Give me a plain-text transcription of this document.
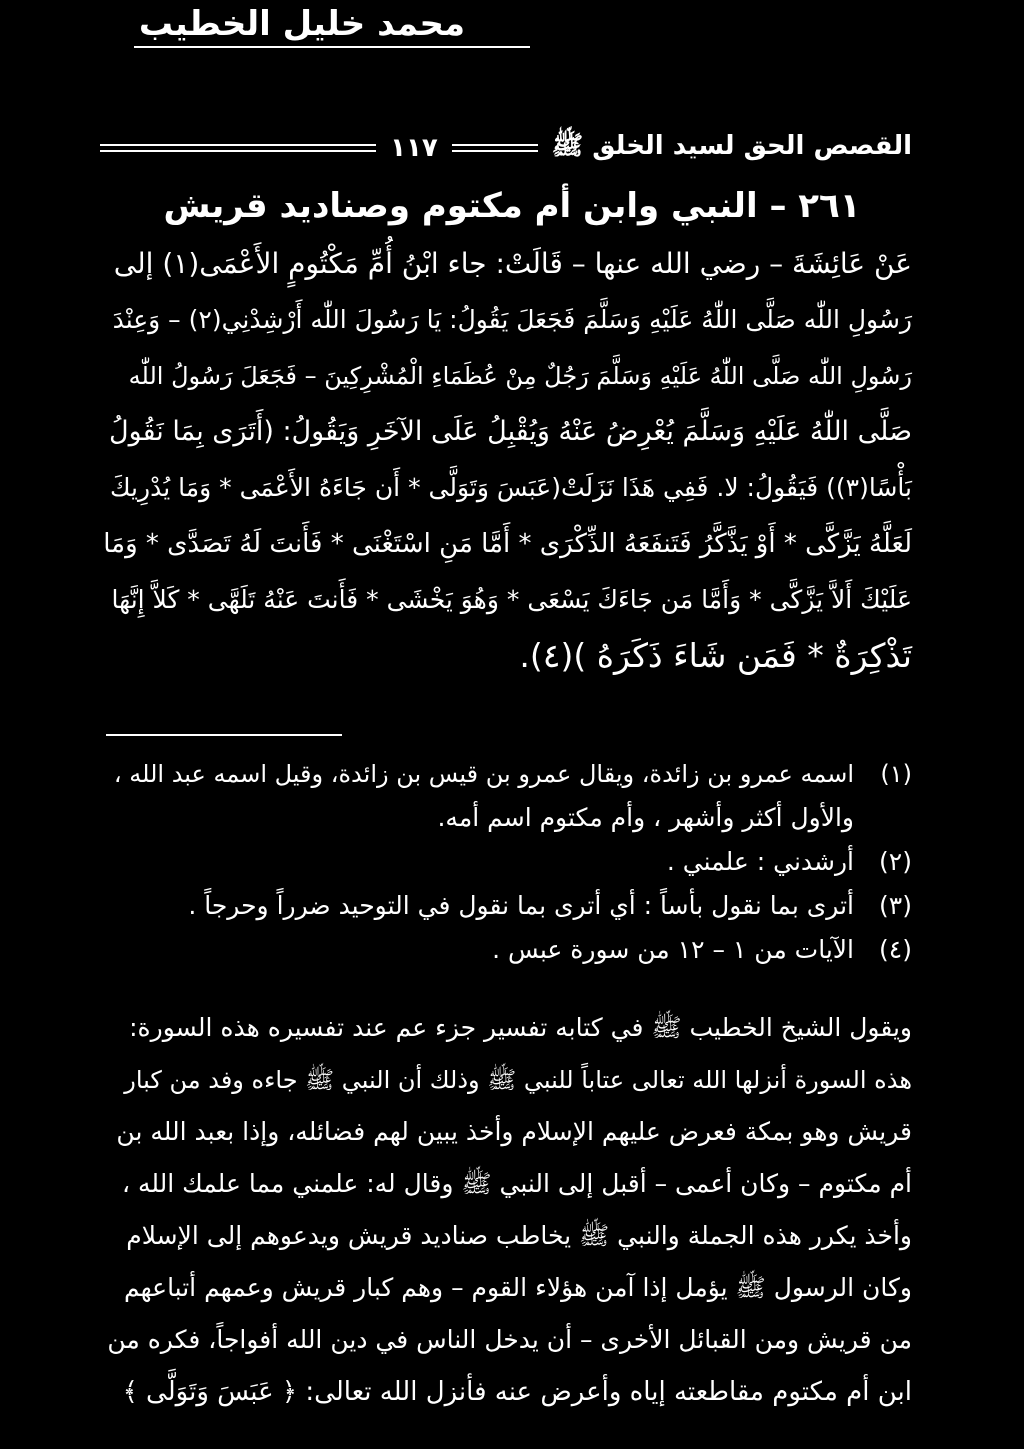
محمد خليل الخطيب
القصص الحق لسيد الخلق ﷺ
١١٧
٢٦١ – النبي وابن أم مكتوم وصناديد قريش
عَنْ عَائِشَةَ – رضي الله عنها – قَالَتْ: جاء ابْنُ أُمِّ مَكْتُومٍ الأَعْمَى(١) إلى
رَسُولِ اللّٰه صَلَّى اللّٰهُ عَلَيْهِ وَسَلَّمَ فَجَعَلَ يَقُولُ: يَا رَسُولَ اللّٰه أَرْشِدْنِي(٢) – وَعِنْدَ
رَسُولِ اللّٰه صَلَّى اللّٰهُ عَلَيْهِ وَسَلَّمَ رَجُلٌ مِنْ عُظَمَاءِ الْمُشْرِكِينَ – فَجَعَلَ رَسُولُ اللّٰه
صَلَّى اللّٰهُ عَلَيْهِ وَسَلَّمَ يُعْرِضُ عَنْهُ وَيُقْبِلُ عَلَى الآخَرِ وَيَقُولُ: (أَتَرَى بِمَا نَقُولُ
بَأْسًا(٣)) فَيَقُولُ: لا. فَفِي هَذَا نَزَلَتْ(عَبَسَ وَتَوَلَّى * أَن جَاءَهُ الأَعْمَى * وَمَا يُدْرِيكَ
لَعَلَّهُ يَزَّكَّى * أَوْ يَذَّكَّرُ فَتَنفَعَهُ الذِّكْرَى * أَمَّا مَنِ اسْتَغْنَى * فَأَنتَ لَهُ تَصَدَّى * وَمَا
عَلَيْكَ أَلاَّ يَزَّكَّى * وَأَمَّا مَن جَاءَكَ يَسْعَى * وَهُوَ يَخْشَى * فَأَنتَ عَنْهُ تَلَهَّى * كَلاَّ إِنَّهَا
تَذْكِرَةٌ * فَمَن شَاءَ ذَكَرَهُ )(٤).
(١)
اسمه عمرو بن زائدة، ويقال عمرو بن قيس بن زائدة، وقيل اسمه عبد الله ،
والأول أكثر وأشهر ، وأم مكتوم اسم أمه.
(٢)
أرشدني : علمني .
(٣)
أترى بما نقول بأساً : أي أترى بما نقول في التوحيد ضرراً وحرجاً .
(٤)
الآيات من ١ – ١٢ من سورة عبس .
ويقول الشيخ الخطيب ﷺ في كتابه تفسير جزء عم عند تفسيره هذه السورة:
هذه السورة أنزلها الله تعالى عتاباً للنبي ﷺ وذلك أن النبي ﷺ جاءه وفد من كبار
قريش وهو بمكة فعرض عليهم الإسلام وأخذ يبين لهم فضائله، وإذا بعبد الله بن
أم مكتوم – وكان أعمى – أقبل إلى النبي ﷺ وقال له: علمني مما علمك الله ،
وأخذ يكرر هذه الجملة والنبي ﷺ يخاطب صناديد قريش ويدعوهم إلى الإسلام
وكان الرسول ﷺ يؤمل إذا آمن هؤلاء القوم – وهم كبار قريش وعمهم أتباعهم
من قريش ومن القبائل الأخرى – أن يدخل الناس في دين الله أفواجاً، فكره من
ابن أم مكتوم مقاطعته إياه وأعرض عنه فأنزل الله تعالى: ﴿ عَبَسَ وَتَوَلَّى ﴾
